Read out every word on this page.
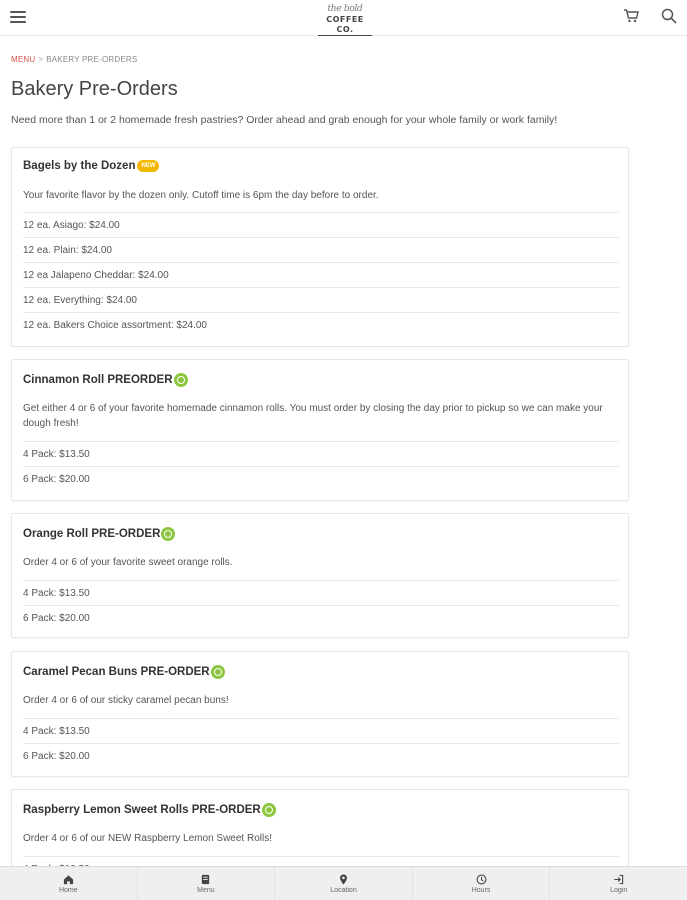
the bold
COFFEE CO.
MENU > BAKERY PRE-ORDERS
Bakery Pre-Orders

Need more than 1 or 2 homemade fresh pastries? Order ahead and grab enough for your whole family or work family!

Bagels by the Dozen	NEW
Your favorite flavor by the dozen only. Cutoff time is 6pm the day before to order.
12 ea. Asiago: $24.00
12 ea. Plain: $24.00
12 ea Jalapeno Cheddar: $24.00
12 ea. Everything: $24.00
12 ea. Bakers Choice assortment: $24.00
Cinnamon Roll PREORDER
Get either 4 or 6 of your favorite homemade cinnamon rolls. You must order by closing the day prior to pickup so we can make your dough fresh!
4 Pack: $13.50
6 Pack: $20.00
Orange Roll PRE-ORDER
Order 4 or 6 of your favorite sweet orange rolls.
4 Pack: $13.50
6 Pack: $20.00
Caramel Pecan Buns PRE-ORDER
Order 4 or 6 of our sticky caramel pecan buns!
4 Pack: $13.50
6 Pack: $20.00
Raspberry Lemon Sweet Rolls PRE-ORDER
Order 4 or 6 of our NEW Raspberry Lemon Sweet Rolls!
Home	Menu	Location	Hours	Login
